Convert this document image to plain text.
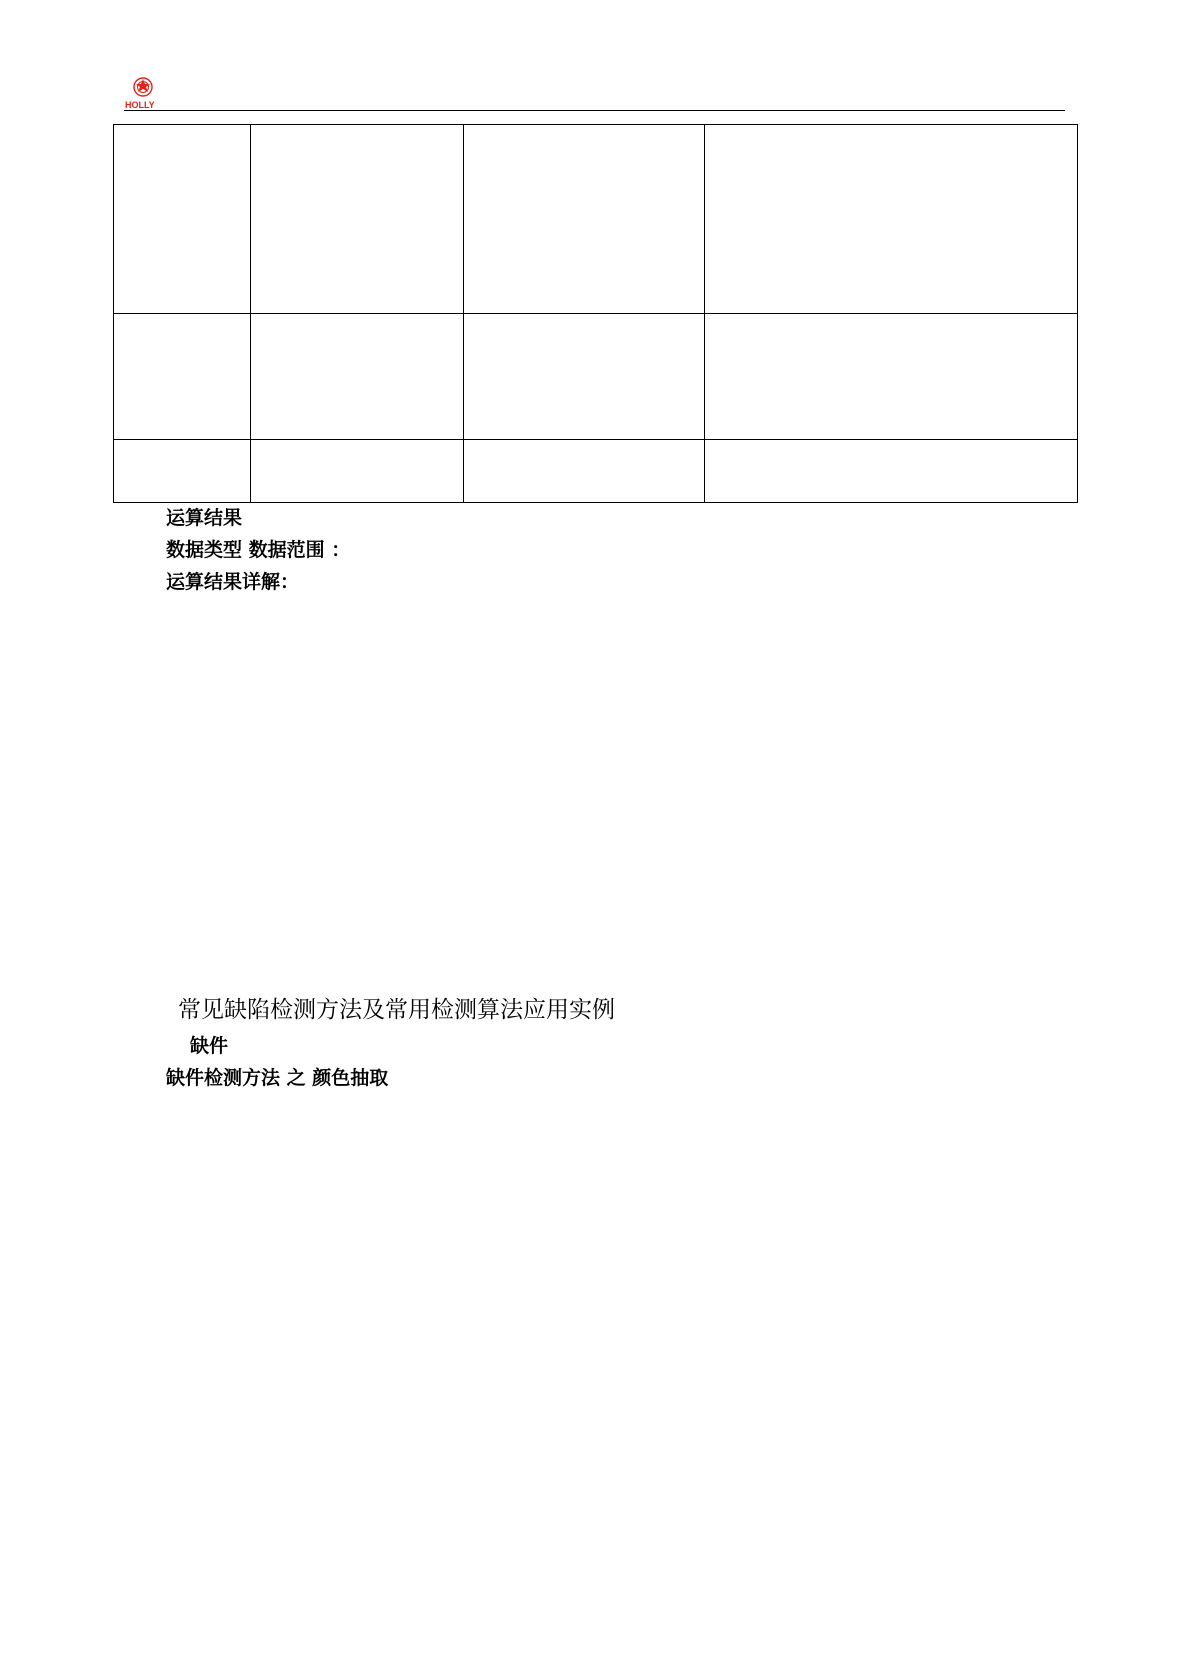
HOLLY

运算结果
数据类型 数据范围 ：
运算结果详解：
常见缺陷检测方法及常用检测算法应用实例
缺件
缺件检测方法 之 颜色抽取
